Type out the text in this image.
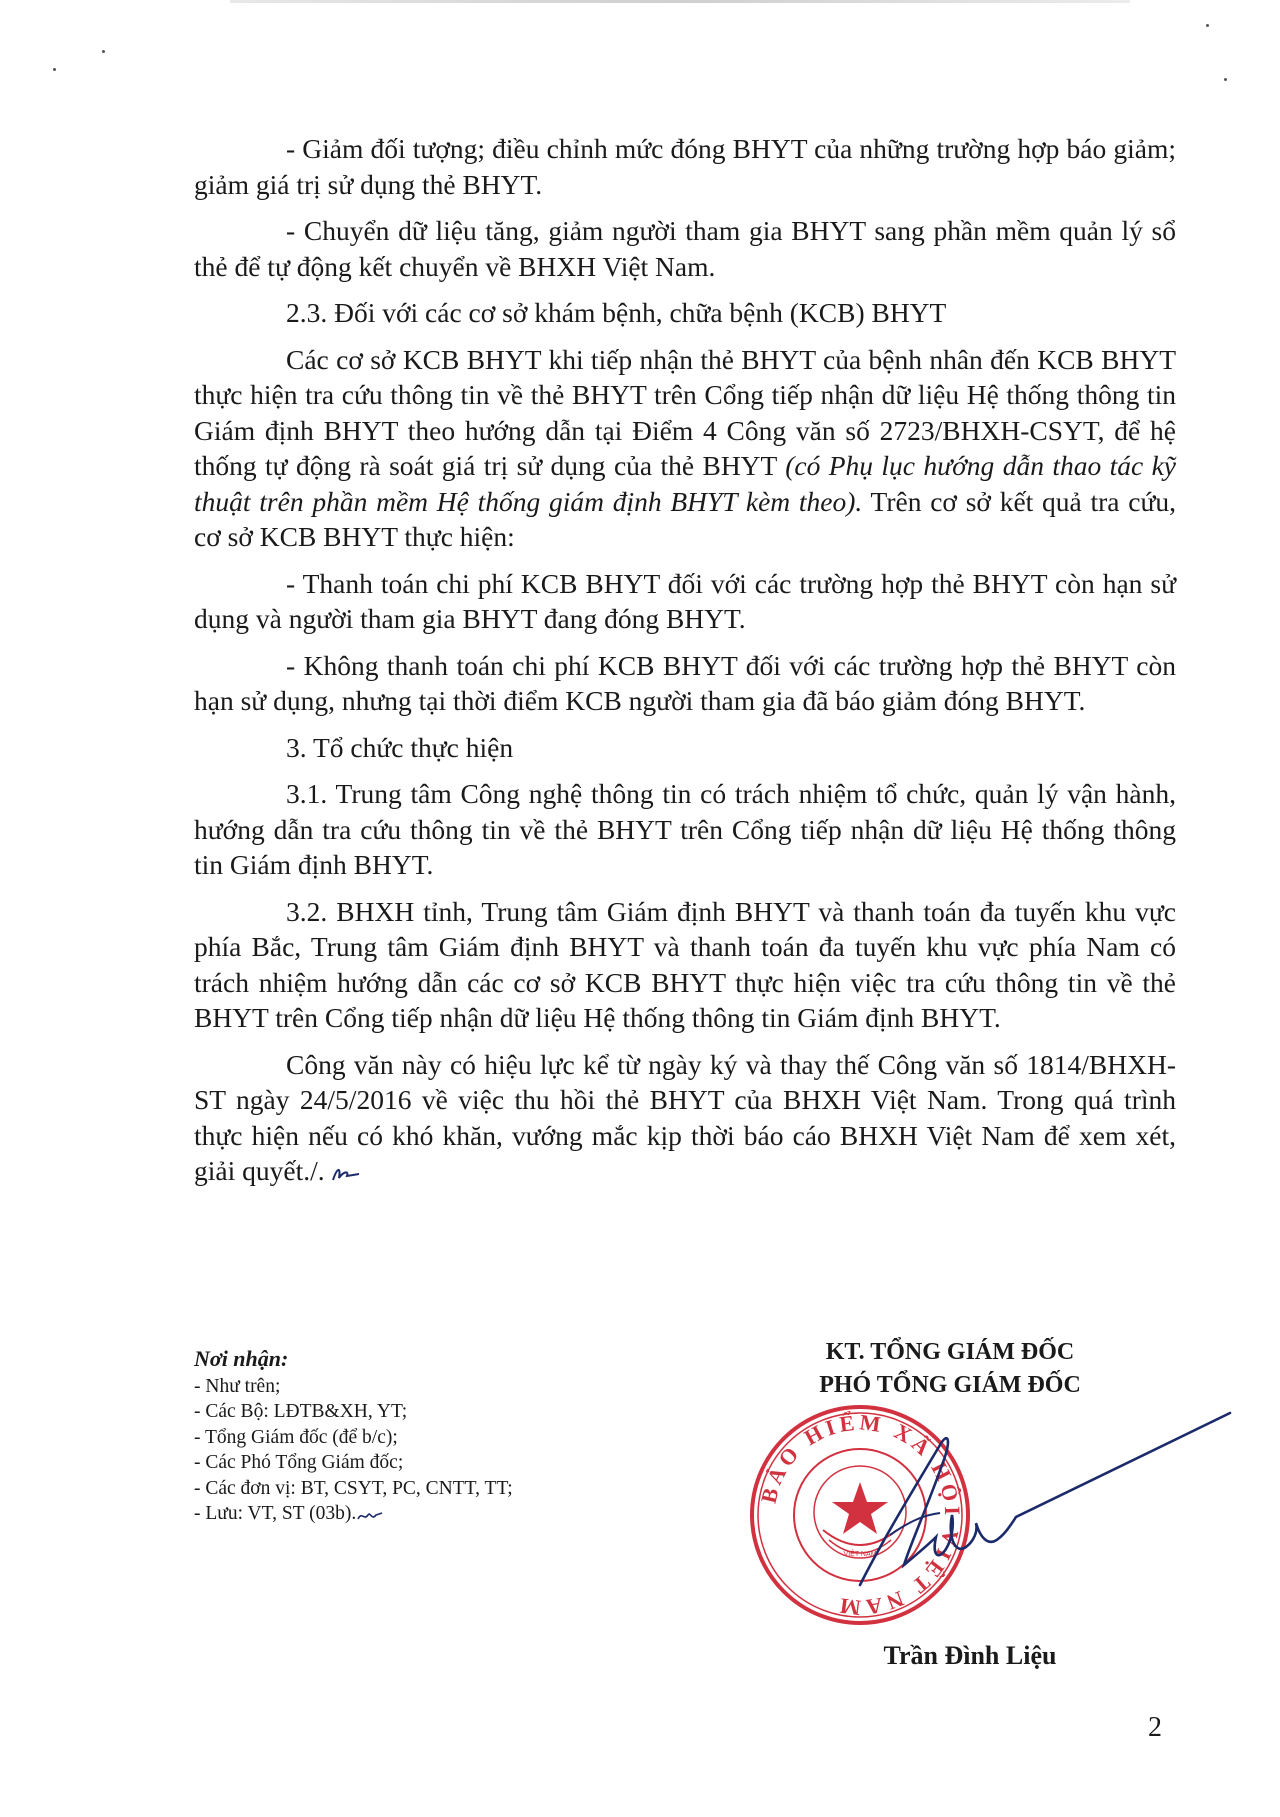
- Giảm đối tượng; điều chỉnh mức đóng BHYT của những trường hợp báo giảm; giảm giá trị sử dụng thẻ BHYT.

- Chuyển dữ liệu tăng, giảm người tham gia BHYT sang phần mềm quản lý sổ thẻ để tự động kết chuyển về BHXH Việt Nam.

2.3. Đối với các cơ sở khám bệnh, chữa bệnh (KCB) BHYT

Các cơ sở KCB BHYT khi tiếp nhận thẻ BHYT của bệnh nhân đến KCB BHYT thực hiện tra cứu thông tin về thẻ BHYT trên Cổng tiếp nhận dữ liệu Hệ thống thông tin Giám định BHYT theo hướng dẫn tại Điểm 4 Công văn số 2723/BHXH-CSYT, để hệ thống tự động rà soát giá trị sử dụng của thẻ BHYT (có Phụ lục hướng dẫn thao tác kỹ thuật trên phần mềm Hệ thống giám định BHYT kèm theo). Trên cơ sở kết quả tra cứu, cơ sở KCB BHYT thực hiện:

- Thanh toán chi phí KCB BHYT đối với các trường hợp thẻ BHYT còn hạn sử dụng và người tham gia BHYT đang đóng BHYT.

- Không thanh toán chi phí KCB BHYT đối với các trường hợp thẻ BHYT còn hạn sử dụng, nhưng tại thời điểm KCB người tham gia đã báo giảm đóng BHYT.

3. Tổ chức thực hiện

3.1. Trung tâm Công nghệ thông tin có trách nhiệm tổ chức, quản lý vận hành, hướng dẫn tra cứu thông tin về thẻ BHYT trên Cổng tiếp nhận dữ liệu Hệ thống thông tin Giám định BHYT.

3.2. BHXH tỉnh, Trung tâm Giám định BHYT và thanh toán đa tuyến khu vực phía Bắc, Trung tâm Giám định BHYT và thanh toán đa tuyến khu vực phía Nam có trách nhiệm hướng dẫn các cơ sở KCB BHYT thực hiện việc tra cứu thông tin về thẻ BHYT trên Cổng tiếp nhận dữ liệu Hệ thống thông tin Giám định BHYT.

Công văn này có hiệu lực kể từ ngày ký và thay thế Công văn số 1814/BHXH-ST ngày 24/5/2016 về việc thu hồi thẻ BHYT của BHXH Việt Nam. Trong quá trình thực hiện nếu có khó khăn, vướng mắc kịp thời báo cáo BHXH Việt Nam để xem xét, giải quyết./.

Nơi nhận:
- Như trên;
- Các Bộ: LĐTB&XH, YT;
- Tổng Giám đốc (để b/c);
- Các Phó Tổng Giám đốc;
- Các đơn vị: BT, CSYT, PC, CNTT, TT;
- Lưu: VT, ST (03b).
KT. TỔNG GIÁM ĐỐC
PHÓ TỔNG GIÁM ĐỐC
BẢO HIỂM XÃ HỘI VIỆT NAM
VIỆT NAM
Trần Đình Liệu
2
